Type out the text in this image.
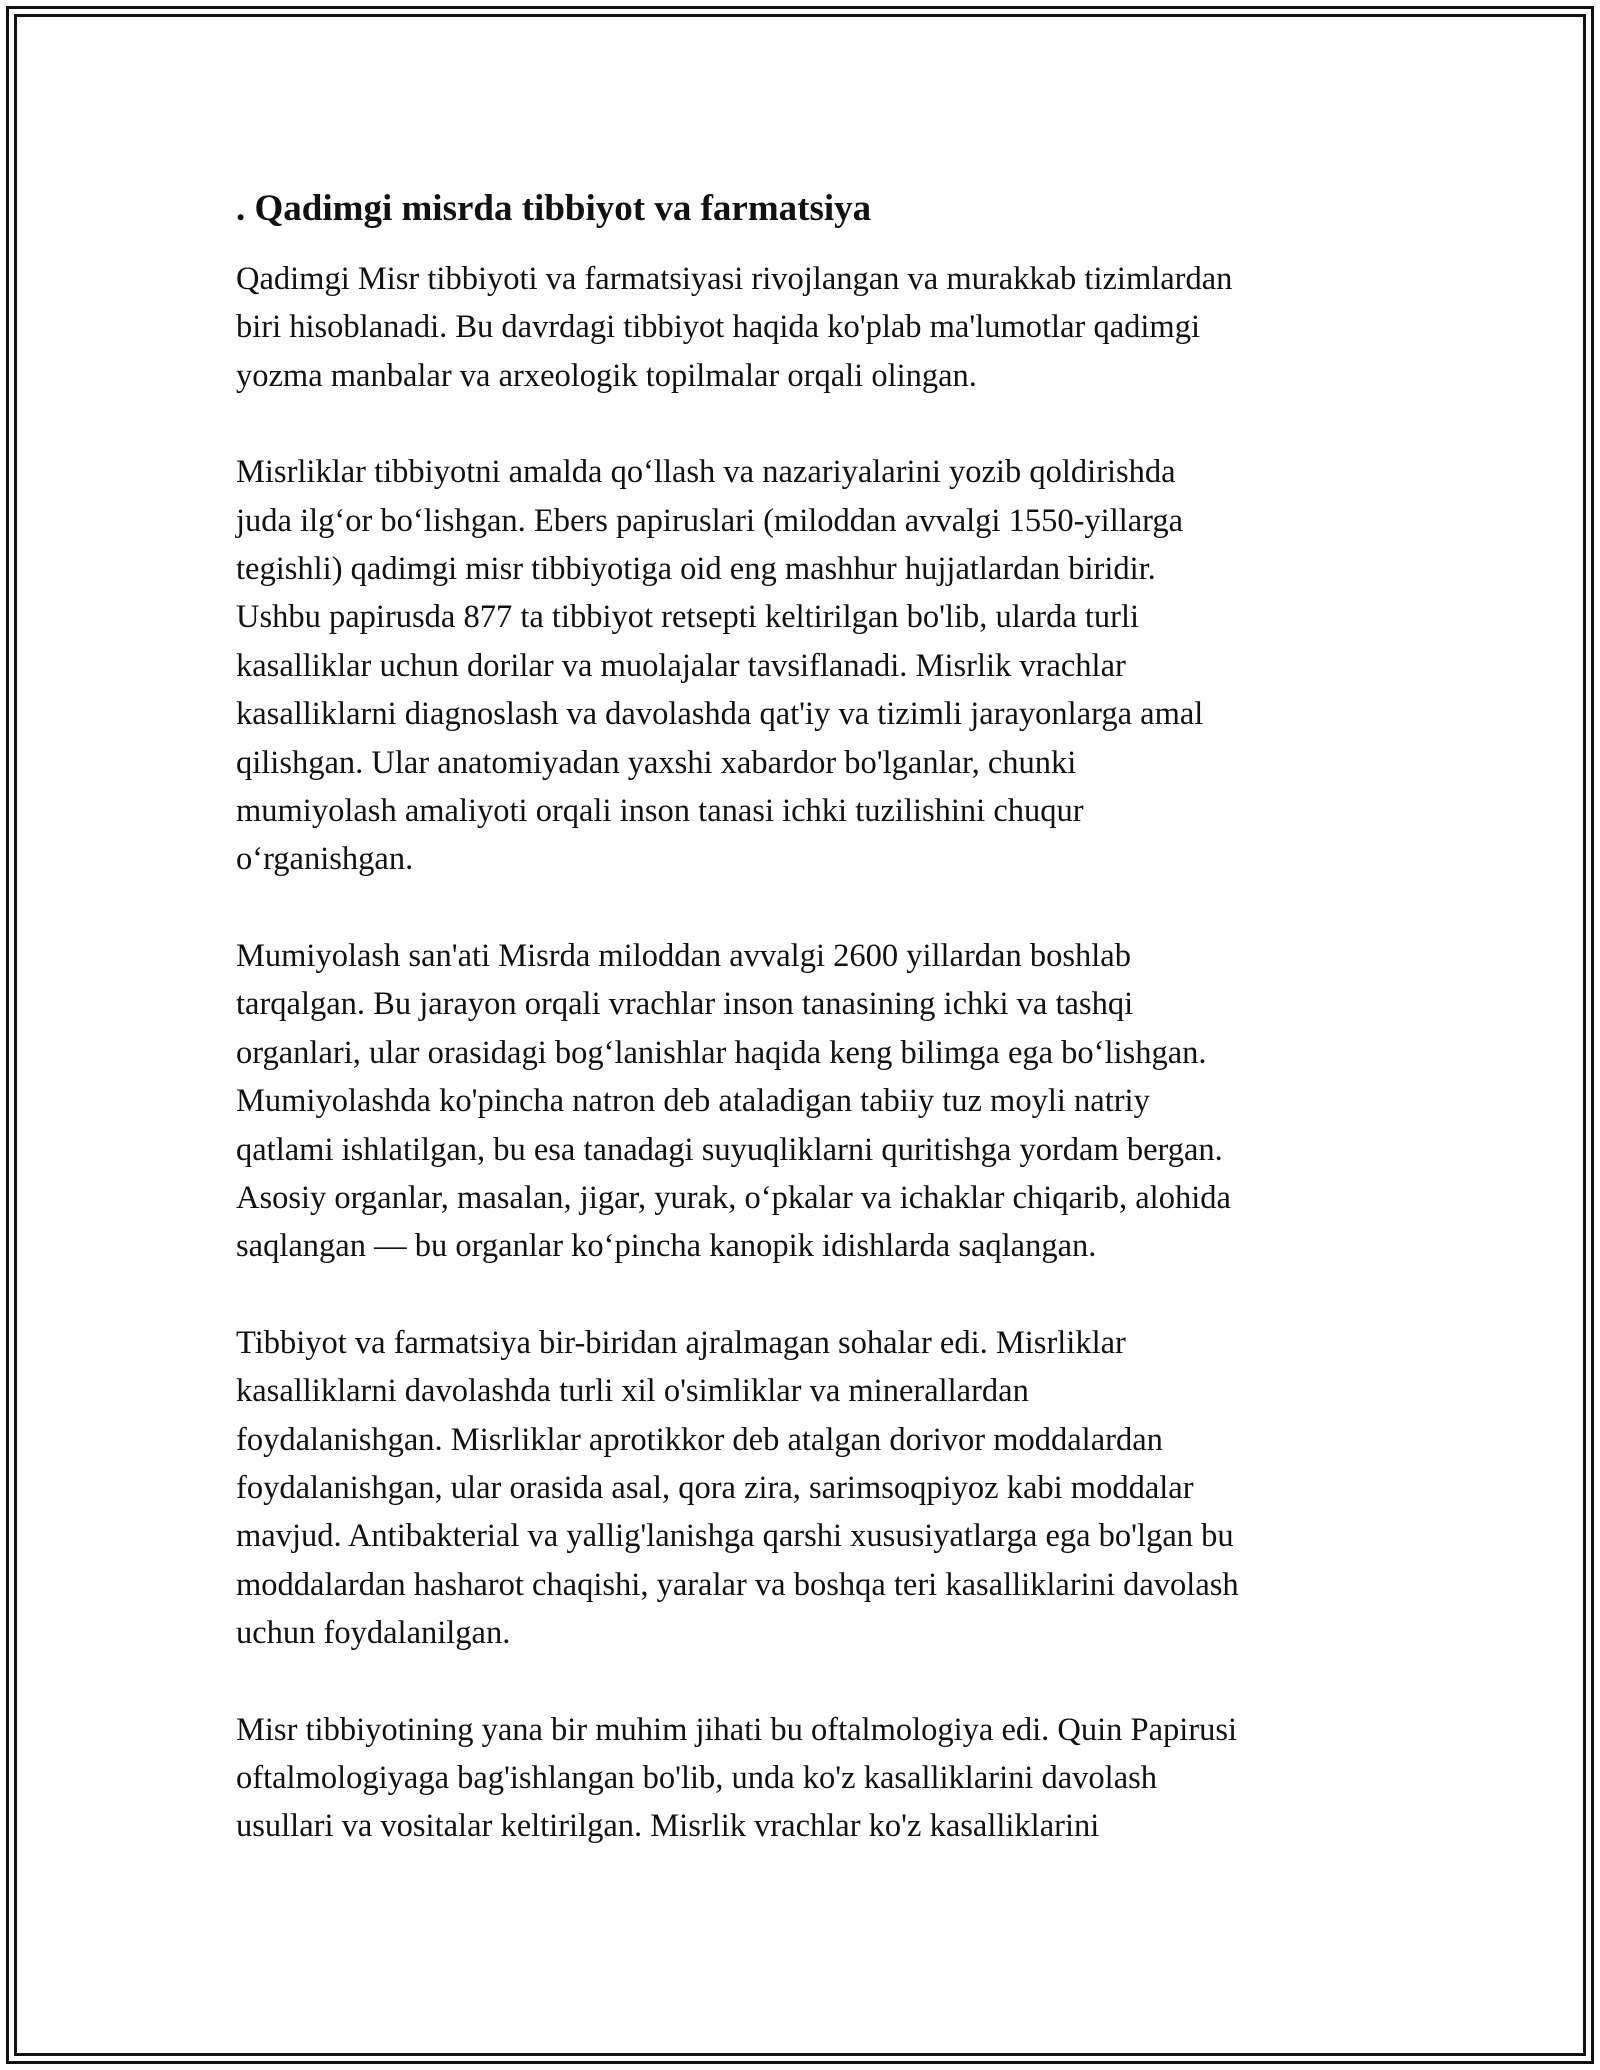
. Qadimgi misrda tibbiyot va farmatsiya

Qadimgi Misr tibbiyoti va farmatsiyasi rivojlangan va murakkab tizimlardan
biri hisoblanadi. Bu davrdagi tibbiyot haqida ko'plab ma'lumotlar qadimgi
yozma manbalar va arxeologik topilmalar orqali olingan.

Misrliklar tibbiyotni amalda qoʻllash va nazariyalarini yozib qoldirishda
juda ilgʻor boʻlishgan. Ebers papiruslari (miloddan avvalgi 1550-yillarga
tegishli) qadimgi misr tibbiyotiga oid eng mashhur hujjatlardan biridir.
Ushbu papirusda 877 ta tibbiyot retsepti keltirilgan bo'lib, ularda turli
kasalliklar uchun dorilar va muolajalar tavsiflanadi. Misrlik vrachlar
kasalliklarni diagnoslash va davolashda qat'iy va tizimli jarayonlarga amal
qilishgan. Ular anatomiyadan yaxshi xabardor bo'lganlar, chunki
mumiyolash amaliyoti orqali inson tanasi ichki tuzilishini chuqur
oʻrganishgan.

Mumiyolash san'ati Misrda miloddan avvalgi 2600 yillardan boshlab
tarqalgan. Bu jarayon orqali vrachlar inson tanasining ichki va tashqi
organlari, ular orasidagi bogʻlanishlar haqida keng bilimga ega boʻlishgan.
Mumiyolashda ko'pincha natron deb ataladigan tabiiy tuz moyli natriy
qatlami ishlatilgan, bu esa tanadagi suyuqliklarni quritishga yordam bergan.
Asosiy organlar, masalan, jigar, yurak, oʻpkalar va ichaklar chiqarib, alohida
saqlangan — bu organlar koʻpincha kanopik idishlarda saqlangan.

Tibbiyot va farmatsiya bir-biridan ajralmagan sohalar edi. Misrliklar
kasalliklarni davolashda turli xil o'simliklar va minerallardan
foydalanishgan. Misrliklar aprotikkor deb atalgan dorivor moddalardan
foydalanishgan, ular orasida asal, qora zira, sarimsoqpiyoz kabi moddalar
mavjud. Antibakterial va yallig'lanishga qarshi xususiyatlarga ega bo'lgan bu
moddalardan hasharot chaqishi, yaralar va boshqa teri kasalliklarini davolash
uchun foydalanilgan.

Misr tibbiyotining yana bir muhim jihati bu oftalmologiya edi. Quin Papirusi
oftalmologiyaga bag'ishlangan bo'lib, unda ko'z kasalliklarini davolash
usullari va vositalar keltirilgan. Misrlik vrachlar ko'z kasalliklarini
